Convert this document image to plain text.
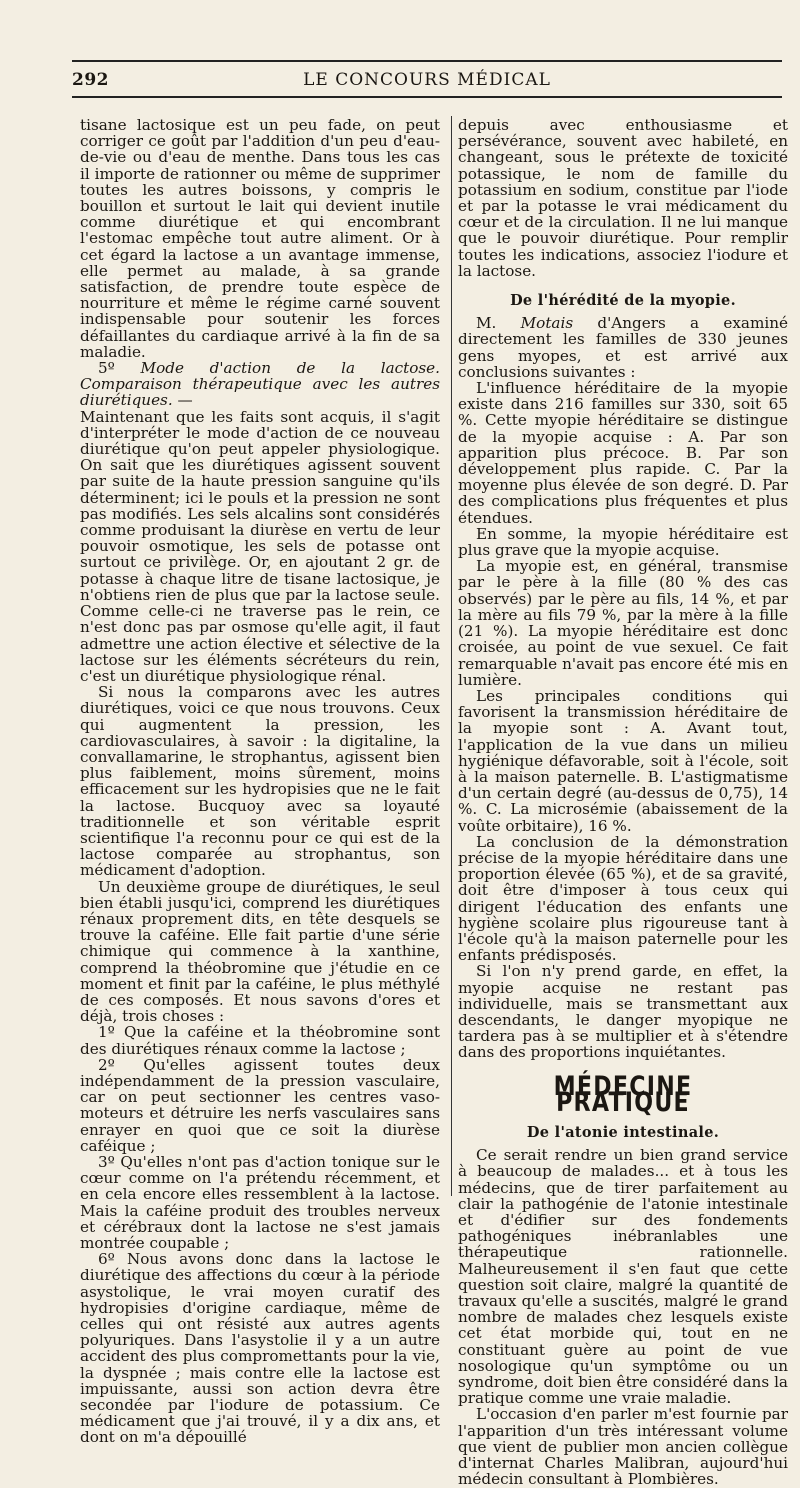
292	LE CONCOURS MÉDICAL

tisane lactosique est un peu fade, on peut corriger ce goût par l'addition d'un peu d'eau-de-vie ou d'eau de menthe. Dans tous les cas il importe de rationner ou même de supprimer toutes les autres boissons, y compris le bouillon et surtout le lait qui devient inutile comme diurétique et qui encombrant l'estomac empêche tout autre aliment. Or à cet égard la lactose a un avantage immense, elle permet au malade, à sa grande satisfaction, de prendre toute espèce de nourriture et même le régime carné souvent indispensable pour soutenir les forces défaillantes du cardiaque arrivé à la fin de sa maladie.

5º Mode d'action de la lactose. Comparaison thérapeutique avec les autres diurétiques. —

Maintenant que les faits sont acquis, il s'agit d'interpréter le mode d'action de ce nouveau diurétique qu'on peut appeler physiologique. On sait que les diurétiques agissent souvent par suite de la haute pression sanguine qu'ils déterminent; ici le pouls et la pression ne sont pas modifiés. Les sels alcalins sont considérés comme produisant la diurèse en vertu de leur pouvoir osmotique, les sels de potasse ont surtout ce privilège. Or, en ajoutant 2 gr. de potasse à chaque litre de tisane lactosique, je n'obtiens rien de plus que par la lactose seule. Comme celle-ci ne traverse pas le rein, ce n'est donc pas par osmose qu'elle agit, il faut admettre une action élective et sélective de la lactose sur les éléments sécréteurs du rein, c'est un diurétique physiologique rénal.

Si nous la comparons avec les autres diurétiques, voici ce que nous trouvons. Ceux qui augmentent la pression, les cardiovasculaires, à savoir : la digitaline, la convallamarine, le strophantus, agissent bien plus faiblement, moins sûrement, moins efficacement sur les hydropisies que ne le fait la lactose. Bucquoy avec sa loyauté traditionnelle et son véritable esprit scientifique l'a reconnu pour ce qui est de la lactose comparée au strophantus, son médicament d'adoption.

Un deuxième groupe de diurétiques, le seul bien établi jusqu'ici, comprend les diurétiques rénaux proprement dits, en tête desquels se trouve la caféine. Elle fait partie d'une série chimique qui commence à la xanthine, comprend la théobromine que j'étudie en ce moment et finit par la caféine, le plus méthylé de ces composés. Et nous savons d'ores et déjà, trois choses :

1º Que la caféine et la théobromine sont des diurétiques rénaux comme la lactose ;

2º Qu'elles agissent toutes deux indépendamment de la pression vasculaire, car on peut sectionner les centres vaso-moteurs et détruire les nerfs vasculaires sans enrayer en quoi que ce soit la diurèse caféique ;

3º Qu'elles n'ont pas d'action tonique sur le cœur comme on l'a prétendu récemment, et en cela encore elles ressemblent à la lactose. Mais la caféine produit des troubles nerveux et cérébraux dont la lactose ne s'est jamais montrée coupable ;

6º Nous avons donc dans la lactose le diurétique des affections du cœur à la période asystolique, le vrai moyen curatif des hydropisies d'origine cardiaque, même de celles qui ont résisté aux autres agents polyuriques. Dans l'asystolie il y a un autre accident des plus compromettants pour la vie, la dyspnée ; mais contre elle la lactose est impuissante, aussi son action devra être secondée par l'iodure de potassium. Ce médicament que j'ai trouvé, il y a dix ans, et dont on m'a dépouillé

depuis avec enthousiasme et persévérance, souvent avec habileté, en changeant, sous le prétexte de toxicité potassique, le nom de famille du potassium en sodium, constitue par l'iode et par la potasse le vrai médicament du cœur et de la circulation. Il ne lui manque que le pouvoir diurétique. Pour remplir toutes les indications, associez l'iodure et la lactose.

De l'hérédité de la myopie.

M. Motais d'Angers a examiné directement les familles de 330 jeunes gens myopes, et est arrivé aux conclusions suivantes :

L'influence héréditaire de la myopie existe dans 216 familles sur 330, soit 65 %. Cette myopie héréditaire se distingue de la myopie acquise : A. Par son apparition plus précoce. B. Par son développement plus rapide. C. Par la moyenne plus élevée de son degré. D. Par des complications plus fréquentes et plus étendues.

En somme, la myopie héréditaire est plus grave que la myopie acquise.

La myopie est, en général, transmise par le père à la fille (80 % des cas observés) par le père au fils, 14 %, et par la mère au fils 79 %, par la mère à la fille (21 %). La myopie héréditaire est donc croisée, au point de vue sexuel. Ce fait remarquable n'avait pas encore été mis en lumière.

Les principales conditions qui favorisent la transmission héréditaire de la myopie sont : A. Avant tout, l'application de la vue dans un milieu hygiénique défavorable, soit à l'école, soit à la maison paternelle. B. L'astigmatisme d'un certain degré (au-dessus de 0,75), 14 %. C. La microsémie (abaissement de la voûte orbitaire), 16 %.

La conclusion de la démonstration précise de la myopie héréditaire dans une proportion élevée (65 %), et de sa gravité, doit être d'imposer à tous ceux qui dirigent l'éducation des enfants une hygiène scolaire plus rigoureuse tant à l'école qu'à la maison paternelle pour les enfants prédisposés.

Si l'on n'y prend garde, en effet, la myopie acquise ne restant pas individuelle, mais se transmettant aux descendants, le danger myopique ne tardera pas à se multiplier et à s'étendre dans des proportions inquiétantes.

MÉDECINE PRATIQUE
De l'atonie intestinale.

Ce serait rendre un bien grand service à beaucoup de malades... et à tous les médecins, que de tirer parfaitement au clair la pathogénie de l'atonie intestinale et d'édifier sur des fondements pathogéniques inébranlables une thérapeutique rationnelle. Malheureusement il s'en faut que cette question soit claire, malgré la quantité de travaux qu'elle a suscités, malgré le grand nombre de malades chez lesquels existe cet état morbide qui, tout en ne constituant guère au point de vue nosologique qu'un symptôme ou un syndrome, doit bien être considéré dans la pratique comme une vraie maladie.

L'occasion d'en parler m'est fournie par l'apparition d'un très intéressant volume que vient de publier mon ancien collègue d'internat Charles Malibran, aujourd'hui médecin consultant à Plombières.
